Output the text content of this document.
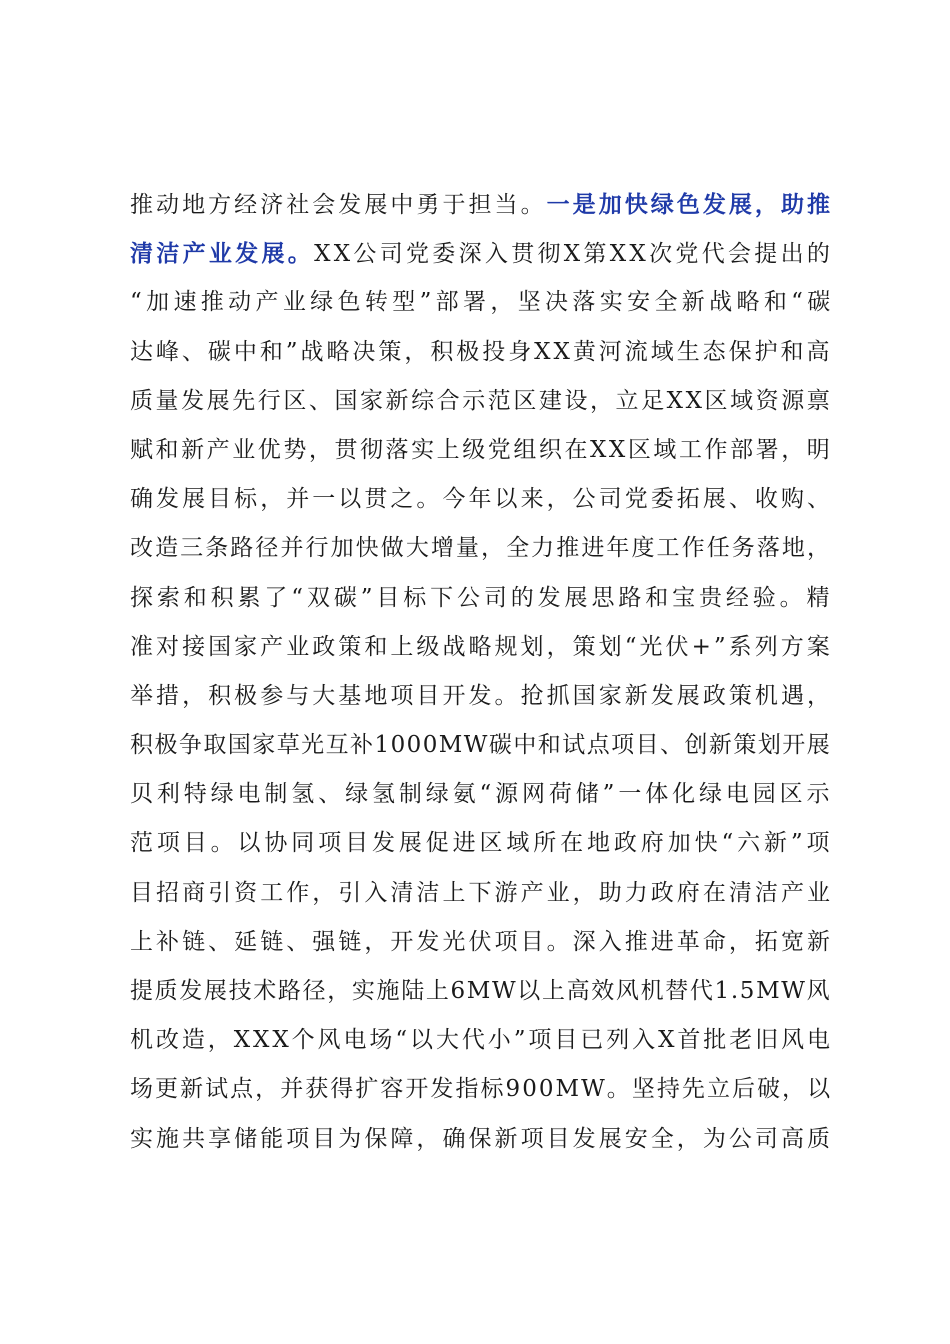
推动地方经济社会发展中勇于担当。一是加快绿色发展，助推
清洁产业发展。XX公司党委深入贯彻X第XX次党代会提出的
“加速推动产业绿色转型”部署，坚决落实安全新战略和“碳
达峰、碳中和”战略决策，积极投身XX黄河流域生态保护和高
质量发展先行区、国家新综合示范区建设，立足XX区域资源禀
赋和新产业优势，贯彻落实上级党组织在XX区域工作部署，明
确发展目标，并一以贯之。今年以来，公司党委拓展、收购、
改造三条路径并行加快做大增量，全力推进年度工作任务落地，
探索和积累了“双碳”目标下公司的发展思路和宝贵经验。精
准对接国家产业政策和上级战略规划，策划“光伏+”系列方案
举措，积极参与大基地项目开发。抢抓国家新发展政策机遇，
积极争取国家草光互补1000MW碳中和试点项目、创新策划开展
贝利特绿电制氢、绿氢制绿氨“源网荷储”一体化绿电园区示
范项目。以协同项目发展促进区域所在地政府加快“六新”项
目招商引资工作，引入清洁上下游产业，助力政府在清洁产业
上补链、延链、强链，开发光伏项目。深入推进革命，拓宽新
提质发展技术路径，实施陆上6MW以上高效风机替代1.5MW风
机改造，XXX个风电场“以大代小”项目已列入X首批老旧风电
场更新试点，并获得扩容开发指标900MW。坚持先立后破，以
实施共享储能项目为保障，确保新项目发展安全，为公司高质
